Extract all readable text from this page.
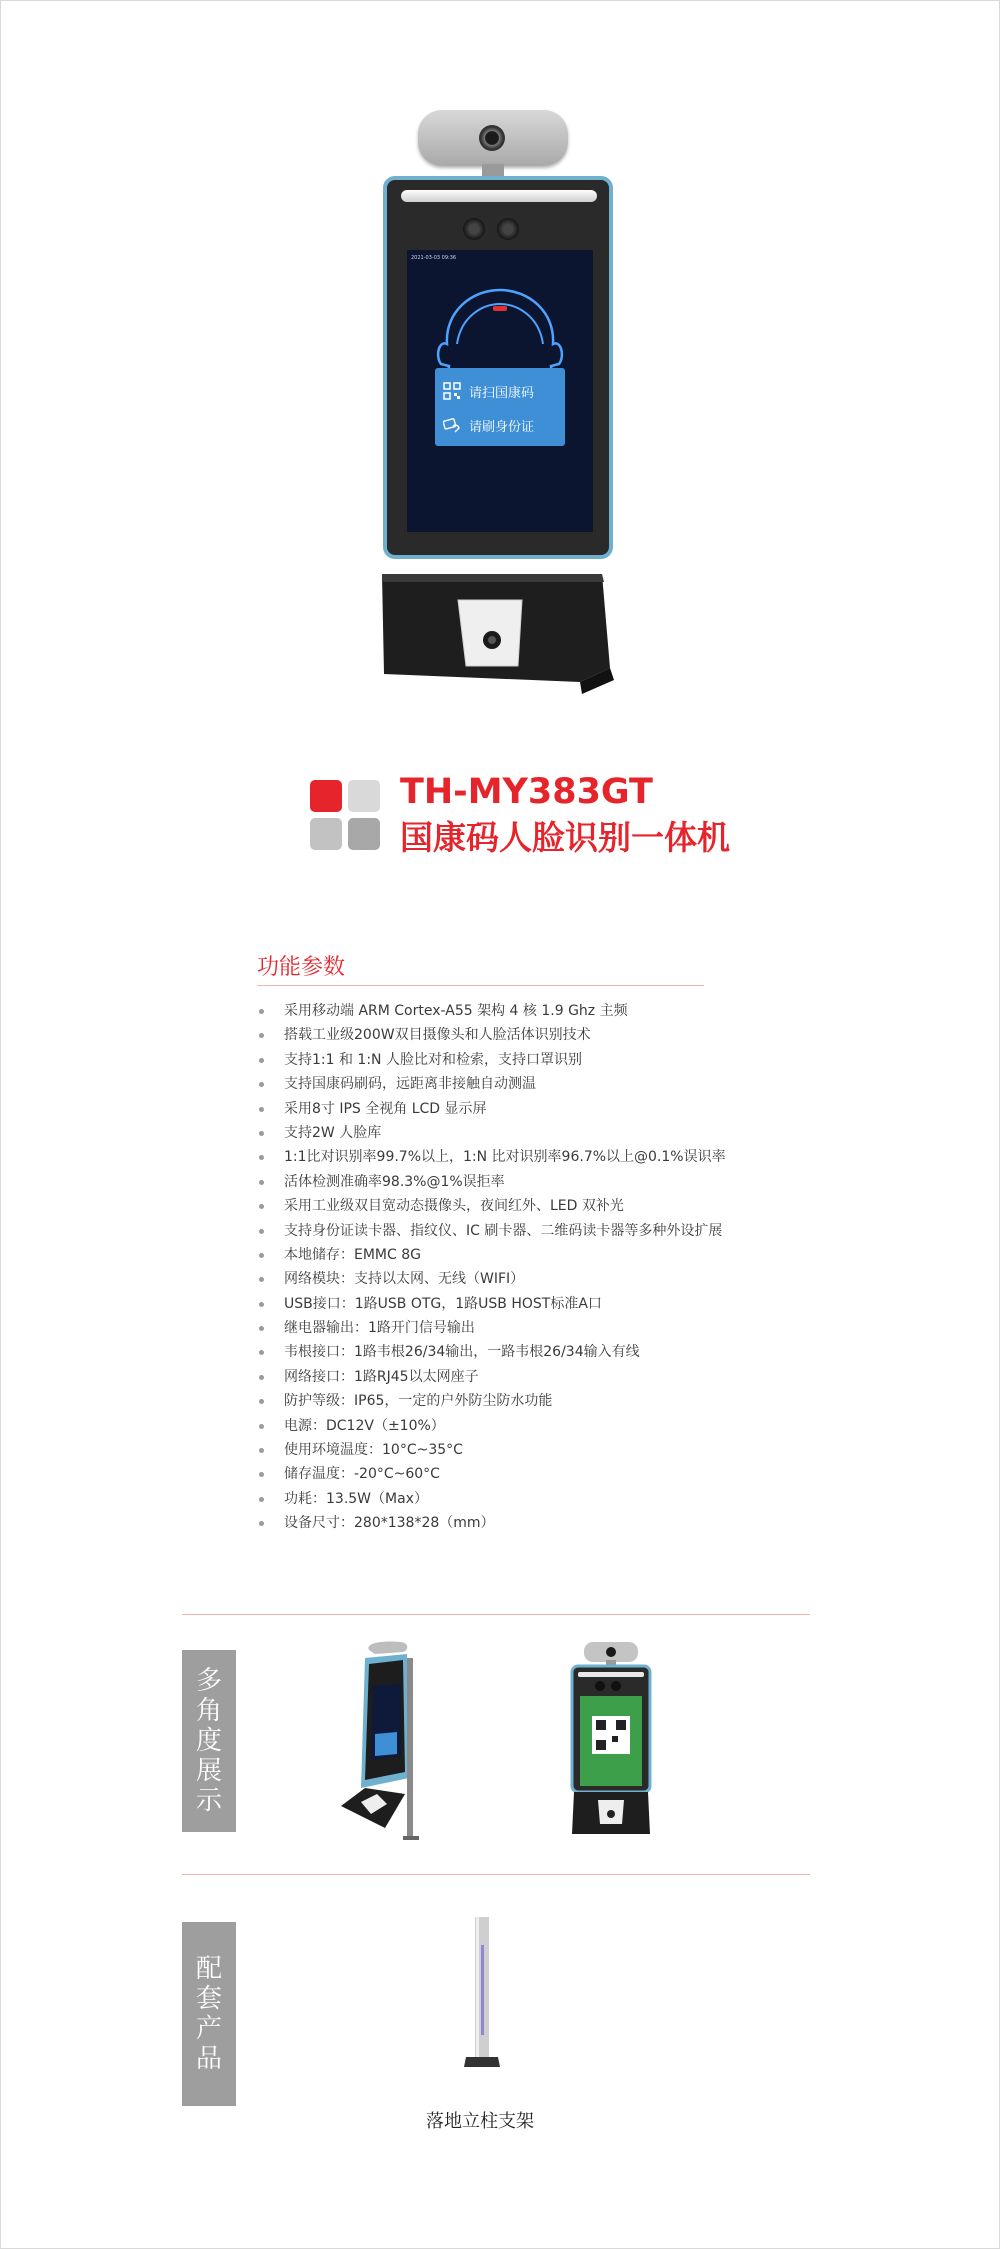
2021-03-03 09:36

请扫国康码
请刷身份证
TH-MY383GT
国康码人脸识别一体机
功能参数
采用移动端 ARM Cortex-A55 架构 4 核 1.9 Ghz 主频
搭载工业级200W双目摄像头和人脸活体识别技术
支持1:1 和 1:N 人脸比对和检索，支持口罩识别
支持国康码刷码，远距离非接触自动测温
采用8寸 IPS 全视角 LCD 显示屏
支持2W 人脸库
1:1比对识别率99.7%以上，1:N 比对识别率96.7%以上@0.1%误识率
活体检测准确率98.3%@1%误拒率
采用工业级双目宽动态摄像头，夜间红外、LED 双补光
支持身份证读卡器、指纹仪、IC 刷卡器、二维码读卡器等多种外设扩展
本地储存：EMMC 8G
网络模块：支持以太网、无线（WIFI）
USB接口：1路USB OTG，1路USB HOST标准A口
继电器输出：1路开门信号输出
韦根接口：1路韦根26/34输出，一路韦根26/34输入有线
网络接口：1路RJ45以太网座子
防护等级：IP65，一定的户外防尘防水功能
电源：DC12V（±10%）
使用环境温度：10°C~35°C
储存温度：-20°C~60°C
功耗：13.5W（Max）
设备尺寸：280*138*28（mm）
多
角
度
展
示
配
套
产
品
落地立柱支架
